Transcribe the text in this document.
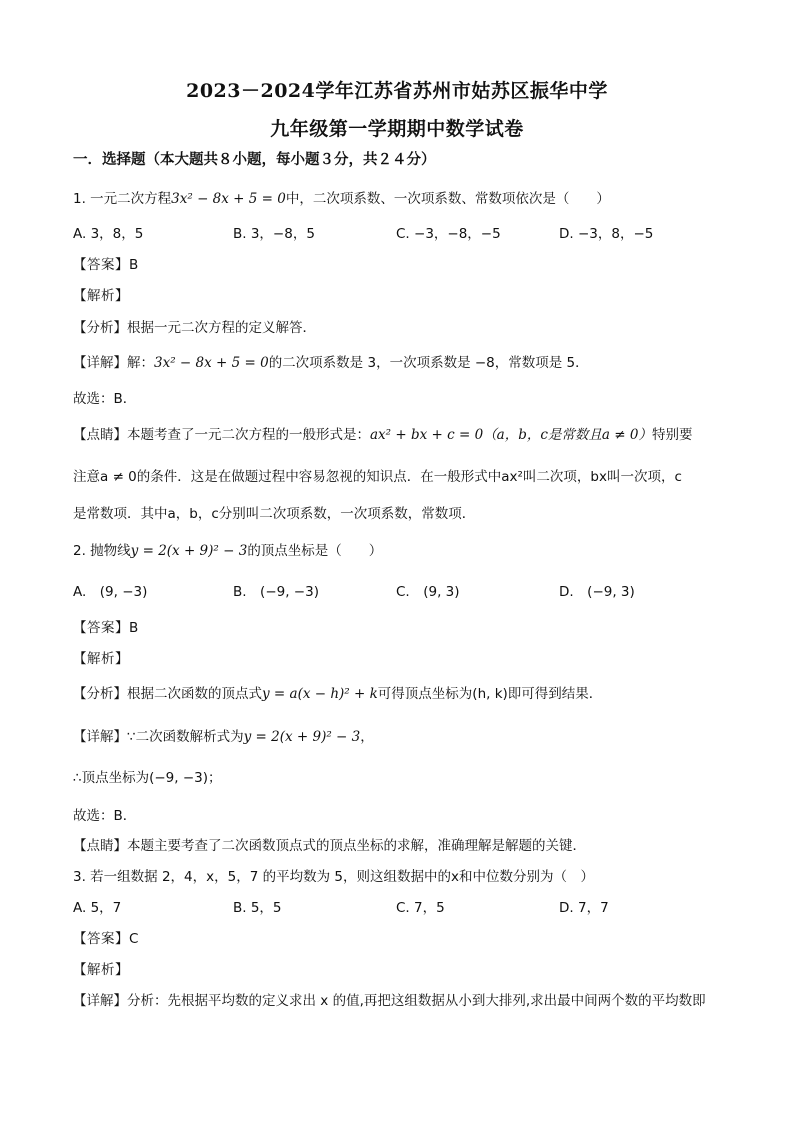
2023－2024学年江苏省苏州市姑苏区振华中学
九年级第一学期期中数学试卷
一．选择题（本大题共８小题，每小题３分，共２４分）
1. 一元二次方程3x² − 8x + 5 = 0中，二次项系数、一次项系数、常数项依次是（　　）
A. 3，8，5	B. 3，−8，5	C. −3，−8，−5	D. −3，8，−5
【答案】B
【解析】
【分析】根据一元二次方程的定义解答．
【详解】解：3x² − 8x + 5 = 0的二次项系数是 3，一次项系数是 −8，常数项是 5．
故选：B．
【点睛】本题考查了一元二次方程的一般形式是：ax² + bx + c = 0（a，b，c是常数且a ≠ 0）特别要
注意a ≠ 0的条件．这是在做题过程中容易忽视的知识点．在一般形式中ax²叫二次项，bx叫一次项，c
是常数项．其中a，b，c分别叫二次项系数，一次项系数，常数项．
2. 抛物线y = 2(x + 9)² − 3的顶点坐标是（　　）
A.　(9, −3)	B.　(−9, −3)	C.　(9, 3)	D.　(−9, 3)
【答案】B
【解析】
【分析】根据二次函数的顶点式y = a(x − h)² + k可得顶点坐标为(h, k)即可得到结果．
【详解】∵二次函数解析式为y = 2(x + 9)² − 3，
∴顶点坐标为(−9, −3)；
故选：B．
【点睛】本题主要考查了二次函数顶点式的顶点坐标的求解，准确理解是解题的关键．
3. 若一组数据 2，4，x，5，7 的平均数为 5，则这组数据中的x和中位数分别为（　）
A. 5，7	B. 5，5	C. 7，5	D. 7，7
【答案】C
【解析】
【详解】分析：先根据平均数的定义求出 x 的值,再把这组数据从小到大排列,求出最中间两个数的平均数即
